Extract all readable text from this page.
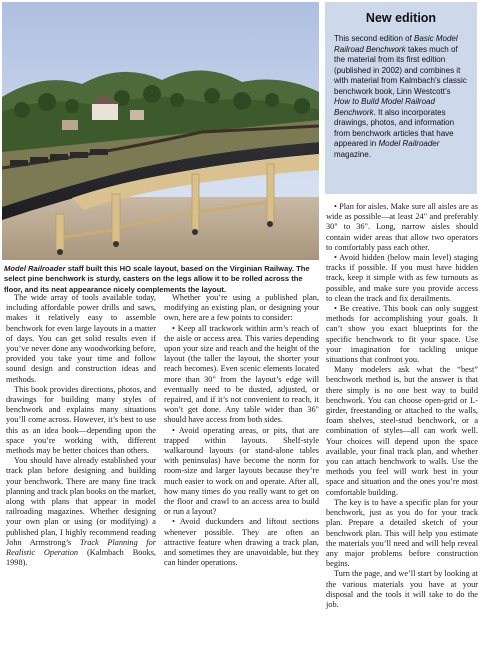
Model Railroader staff built this HO scale layout, based on the Virginian Railway. The select pine benchwork is sturdy, casters on the legs allow it to be rolled across the floor, and its neat appearance nicely complements the layout.
New edition

This second edition of Basic Model Railroad Benchwork takes much of the material from its first edition (published in 2002) and combines it with material from Kalmbach’s classic benchwork book, Linn Westcott’s How to Build Model Railroad Benchwork. It also incorporates drawings, photos, and information from benchwork articles that have appeared in Model Railroader magazine.

The wide array of tools available today, including affordable power drills and saws, makes it relatively easy to assemble benchwork for even large layouts in a matter of days. You can get solid results even if you’ve never done any woodworking before, provided you take your time and follow sound design and construction ideas and methods.

This book provides directions, photos, and drawings for building many styles of benchwork and explains many situations you’ll come across. However, it’s best to use this as an idea book—depending upon the space you’re working with, different methods may be better choices than others.

You should have already established your track plan before designing and building your benchwork. There are many fine track planning and track plan books on the market, along with plans that appear in model railroading magazines. Whether designing your own plan or using (or modifying) a published plan, I highly recommend reading John Armstrong’s Track Planning for Realistic Operation (Kalmbach Books, 1998).

Whether you’re using a published plan, modifying an existing plan, or designing your own, here are a few points to consider:

• Keep all trackwork within arm’s reach of the aisle or access area. This varies depending upon your size and reach and the height of the layout (the taller the layout, the shorter your reach becomes). Even scenic elements located more than 30" from the layout’s edge will eventually need to be dusted, adjusted, or repaired, and if it’s not convenient to reach, it won’t get done. Any table wider than 36" should have access from both sides.

• Avoid operating areas, or pits, that are trapped within layouts. Shelf-style walkaround layouts (or stand-alone tables with peninsulas) have become the norm for room-size and larger layouts because they’re much easier to work on and operate. After all, how many times do you really want to get on the floor and crawl to an access area to build or run a layout?

• Avoid duckunders and liftout sections whenever possible. They are often an attractive feature when drawing a track plan, and sometimes they are unavoidable, but they can hinder operations.

• Plan for aisles. Make sure all aisles are as wide as possible—at least 24" and preferably 30" to 36". Long, narrow aisles should contain wider areas that allow two operators to comfortably pass each other.

• Avoid hidden (below main level) staging tracks if possible. If you must have hidden track, keep it simple with as few turnouts as possible, and make sure you provide access to clean the track and fix derailments.

• Be creative. This book can only suggest methods for accomplishing your goals. It can’t show you exact blueprints for the specific benchwork to fit your space. Use your imagination for tackling unique situations that confront you.

Many modelers ask what the “best” benchwork method is, but the answer is that there simply is no one best way to build benchwork. You can choose open-grid or L-girder, freestanding or attached to the walls, foam shelves, steel-stud benchwork, or a combination of styles—all can work well. Your choices will depend upon the space available, your final track plan, and whether you can attach benchwork to walls. Use the methods you feel will work best in your space and situation and the ones you’re most comfortable building.

The key is to have a specific plan for your benchwork, just as you do for your track plan. Prepare a detailed sketch of your benchwork plan. This will help you estimate the materials you’ll need and will help reveal any major problems before construction begins.

Turn the page, and we’ll start by looking at the various materials you have at your disposal and the tools it will take to do the job.
